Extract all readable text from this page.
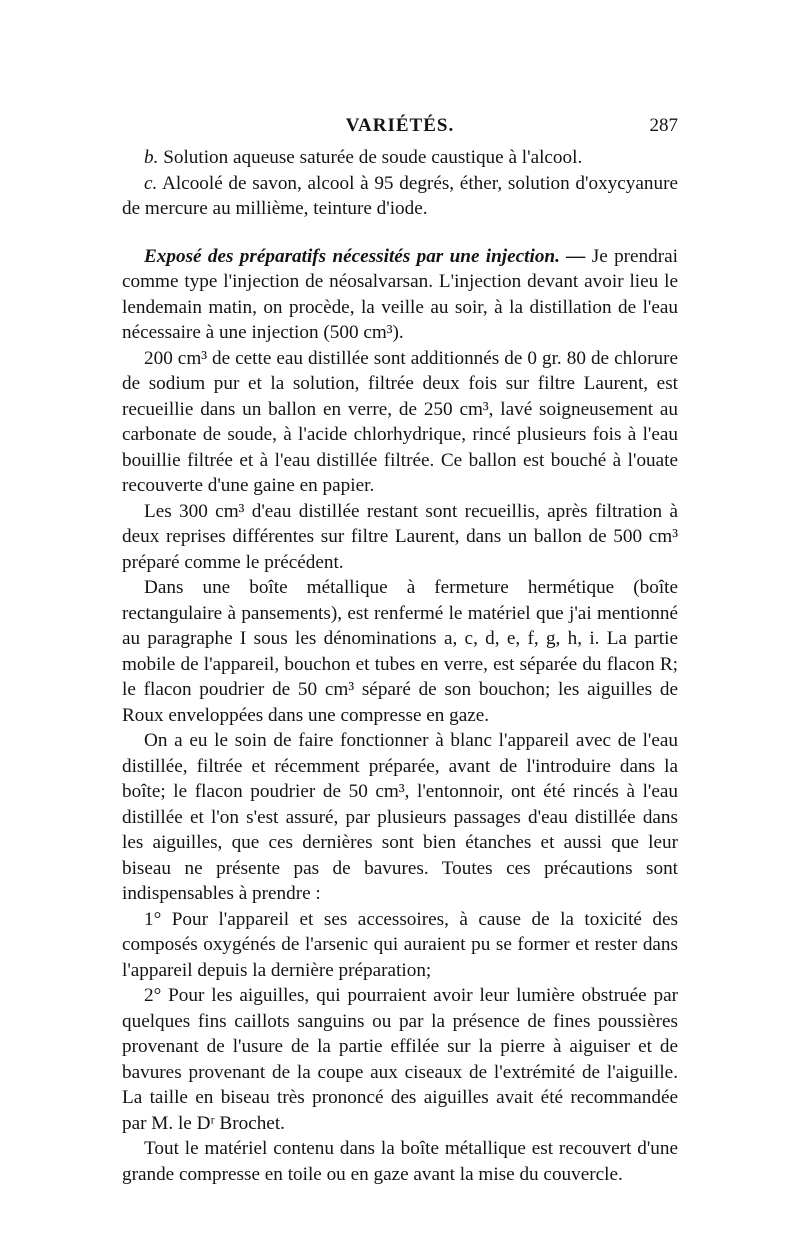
VARIÉTÉS.	287

b. Solution aqueuse saturée de soude caustique à l'alcool.

c. Alcoolé de savon, alcool à 95 degrés, éther, solution d'oxycyanure de mercure au millième, teinture d'iode.

Exposé des préparatifs nécessités par une injection. — Je prendrai comme type l'injection de néosalvarsan. L'injection devant avoir lieu le lendemain matin, on procède, la veille au soir, à la distillation de l'eau nécessaire à une injection (500 cm³).

200 cm³ de cette eau distillée sont additionnés de 0 gr. 80 de chlorure de sodium pur et la solution, filtrée deux fois sur filtre Laurent, est recueillie dans un ballon en verre, de 250 cm³, lavé soigneusement au carbonate de soude, à l'acide chlorhydrique, rincé plusieurs fois à l'eau bouillie filtrée et à l'eau distillée filtrée. Ce ballon est bouché à l'ouate recouverte d'une gaine en papier.

Les 300 cm³ d'eau distillée restant sont recueillis, après filtration à deux reprises différentes sur filtre Laurent, dans un ballon de 500 cm³ préparé comme le précédent.

Dans une boîte métallique à fermeture hermétique (boîte rectangulaire à pansements), est renfermé le matériel que j'ai mentionné au paragraphe I sous les dénominations a, c, d, e, f, g, h, i. La partie mobile de l'appareil, bouchon et tubes en verre, est séparée du flacon R; le flacon poudrier de 50 cm³ séparé de son bouchon; les aiguilles de Roux enveloppées dans une compresse en gaze.

On a eu le soin de faire fonctionner à blanc l'appareil avec de l'eau distillée, filtrée et récemment préparée, avant de l'introduire dans la boîte; le flacon poudrier de 50 cm³, l'entonnoir, ont été rincés à l'eau distillée et l'on s'est assuré, par plusieurs passages d'eau distillée dans les aiguilles, que ces dernières sont bien étanches et aussi que leur biseau ne présente pas de bavures. Toutes ces précautions sont indispensables à prendre :

1° Pour l'appareil et ses accessoires, à cause de la toxicité des composés oxygénés de l'arsenic qui auraient pu se former et rester dans l'appareil depuis la dernière préparation;

2° Pour les aiguilles, qui pourraient avoir leur lumière obstruée par quelques fins caillots sanguins ou par la présence de fines poussières provenant de l'usure de la partie effilée sur la pierre à aiguiser et de bavures provenant de la coupe aux ciseaux de l'extrémité de l'aiguille. La taille en biseau très prononcé des aiguilles avait été recommandée par M. le Dʳ Brochet.

Tout le matériel contenu dans la boîte métallique est recouvert d'une grande compresse en toile ou en gaze avant la mise du couvercle.
